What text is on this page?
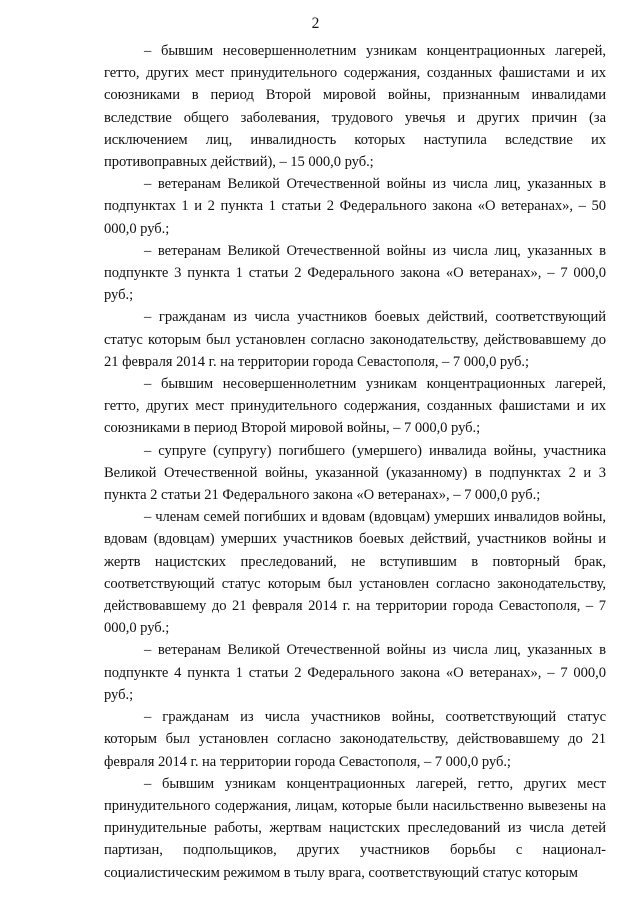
2

– бывшим несовершеннолетним узникам концентрационных лагерей, гетто, других мест принудительного содержания, созданных фашистами и их союзниками в период Второй мировой войны, признанным инвалидами вследствие общего заболевания, трудового увечья и других причин (за исключением лиц, инвалидность которых наступила вследствие их противоправных действий), – 15 000,0 руб.;

– ветеранам Великой Отечественной войны из числа лиц, указанных в подпунктах 1 и 2 пункта 1 статьи 2 Федерального закона «О ветеранах», – 50 000,0 руб.;

– ветеранам Великой Отечественной войны из числа лиц, указанных в подпункте 3 пункта 1 статьи 2 Федерального закона «О ветеранах», – 7 000,0 руб.;

– гражданам из числа участников боевых действий, соответствующий статус которым был установлен согласно законодательству, действовавшему до 21 февраля 2014 г. на территории города Севастополя, – 7 000,0 руб.;

– бывшим несовершеннолетним узникам концентрационных лагерей, гетто, других мест принудительного содержания, созданных фашистами и их союзниками в период Второй мировой войны, – 7 000,0 руб.;

– супруге (супругу) погибшего (умершего) инвалида войны, участника Великой Отечественной войны, указанной (указанному) в подпунктах 2 и 3 пункта 2 статьи 21 Федерального закона «О ветеранах», – 7 000,0 руб.;

– членам семей погибших и вдовам (вдовцам) умерших инвалидов войны, вдовам (вдовцам) умерших участников боевых действий, участников войны и жертв нацистских преследований, не вступившим в повторный брак, соответствующий статус которым был установлен согласно законодательству, действовавшему до 21 февраля 2014 г. на территории города Севастополя, – 7 000,0 руб.;

– ветеранам Великой Отечественной войны из числа лиц, указанных в подпункте 4 пункта 1 статьи 2 Федерального закона «О ветеранах», – 7 000,0 руб.;

– гражданам из числа участников войны, соответствующий статус которым был установлен согласно законодательству, действовавшему до 21 февраля 2014 г. на территории города Севастополя, – 7 000,0 руб.;

– бывшим узникам концентрационных лагерей, гетто, других мест принудительного содержания, лицам, которые были насильственно вывезены на принудительные работы, жертвам нацистских преследований из числа детей партизан, подпольщиков, других участников борьбы с национал-социалистическим режимом в тылу врага, соответствующий статус которым
